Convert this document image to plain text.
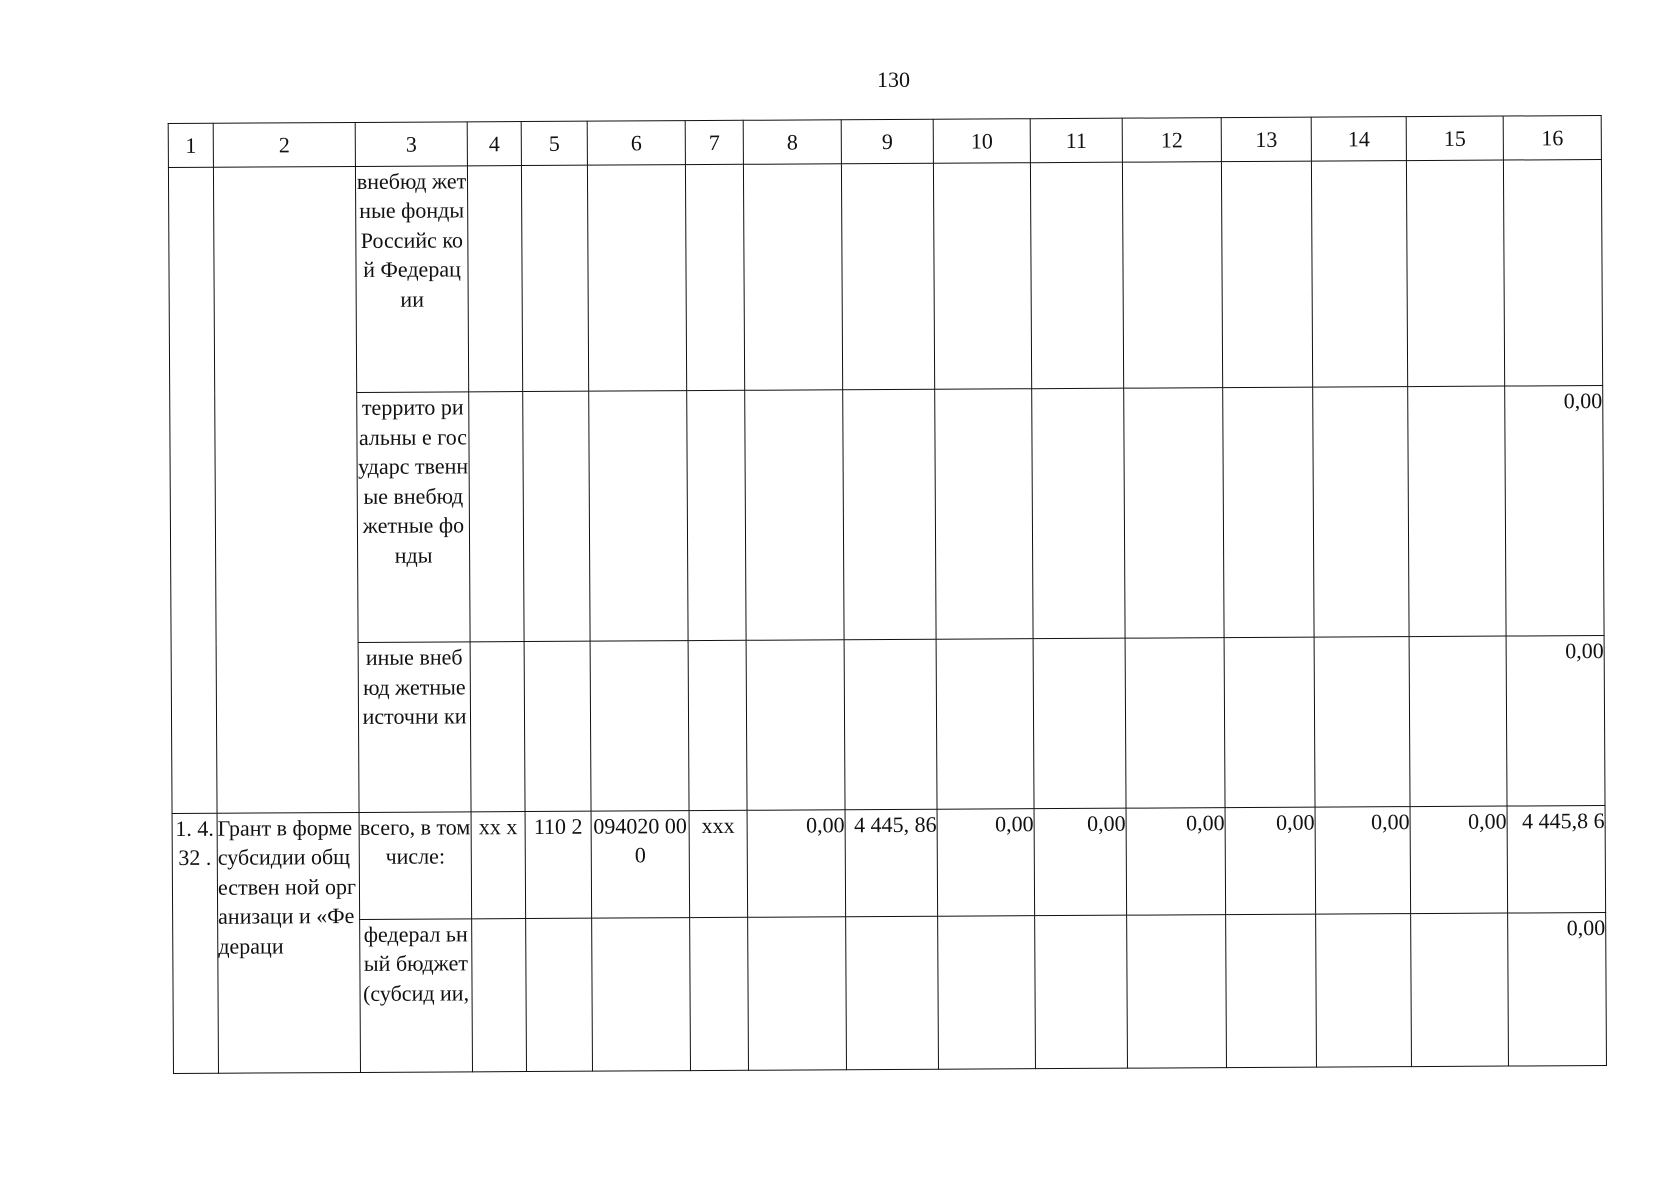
130
1	2	3	4	5	6	7	8	9	10	11	12	13	14	15	16
		внебюд жетные фонды Российс кой Федерац ии													
		террито риальны е государс твенные внебюд жетные фонды													0,00
		иные внебюд жетные источни ки													0,00
1. 4. 32 .	Грант в форме субсидии обществен ной организаци и «Федераци	всего, в том числе:	хх х	110 2	094020 000	ххх	0,00	4 445, 86	0,00	0,00	0,00	0,00	0,00	0,00	4 445,8 6
		федерал ьный бюджет (субсид ии,													0,00
